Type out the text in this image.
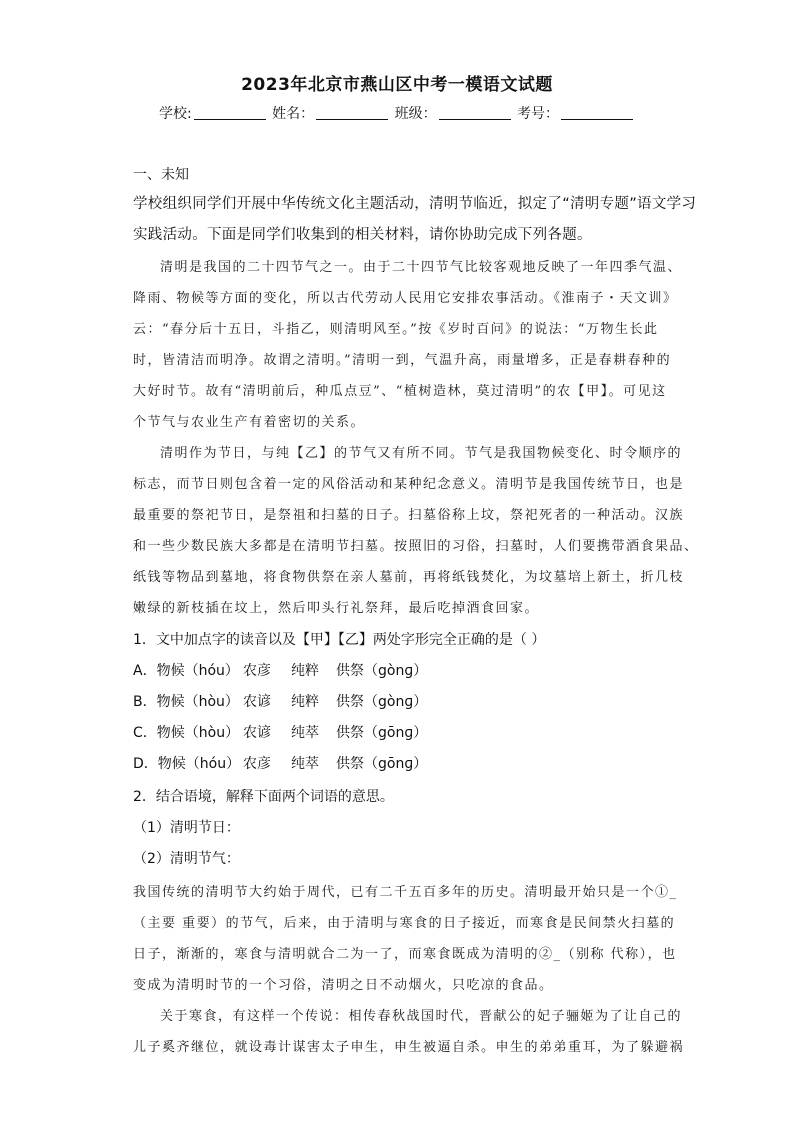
2023年北京市燕山区中考一模语文试题
学校:	姓名：	班级：	考号：
一、未知
学校组织同学们开展中华传统文化主题活动，清明节临近，拟定了“清明专题”语文学习
实践活动。下面是同学们收集到的相关材料，请你协助完成下列各题。
清明是我国的二十四节气之一。由于二十四节气比较客观地反映了一年四季气温、
降雨、物候等方面的变化，所以古代劳动人民用它安排农事活动。《淮南子・天文训》
云：“春分后十五日，斗指乙，则清明风至。”按《岁时百问》的说法：“万物生长此
时，皆清洁而明净。故谓之清明。”清明一到，气温升高，雨量增多，正是春耕春种的
大好时节。故有“清明前后，种瓜点豆”、“植树造林，莫过清明”的农【甲】。可见这
个节气与农业生产有着密切的关系。
清明作为节日，与纯【乙】的节气又有所不同。节气是我国物候变化、时令顺序的
标志，而节日则包含着一定的风俗活动和某种纪念意义。清明节是我国传统节日，也是
最重要的祭祀节日，是祭祖和扫墓的日子。扫墓俗称上坟，祭祀死者的一种活动。汉族
和一些少数民族大多都是在清明节扫墓。按照旧的习俗，扫墓时，人们要携带酒食果品、
纸钱等物品到墓地，将食物供祭在亲人墓前，再将纸钱焚化，为坟墓培上新土，折几枝
嫩绿的新枝插在坟上，然后叩头行礼祭拜，最后吃掉酒食回家。
1．文中加点字的读音以及【甲】【乙】两处字形完全正确的是（ ）
A．物候（hóu） 农彦 纯粹 供祭（gònɡ）
B．物候（hòu） 农谚 纯粹 供祭（gònɡ）
C．物候（hòu） 农谚 纯萃 供祭（gōnɡ）
D．物候（hóu） 农彦 纯萃 供祭（gōnɡ）
2．结合语境，解释下面两个词语的意思。
（1）清明节日：
（2）清明节气：
我国传统的清明节大约始于周代，已有二千五百多年的历史。清明最开始只是一个①_
（主要 重要）的节气，后来，由于清明与寒食的日子接近，而寒食是民间禁火扫墓的
日子，渐渐的，寒食与清明就合二为一了，而寒食既成为清明的②_（别称 代称），也
变成为清明时节的一个习俗，清明之日不动烟火，只吃凉的食品。
关于寒食，有这样一个传说：相传春秋战国时代，晋献公的妃子骊姬为了让自己的
儿子奚齐继位，就设毒计谋害太子申生，申生被逼自杀。申生的弟弟重耳，为了躲避祸
